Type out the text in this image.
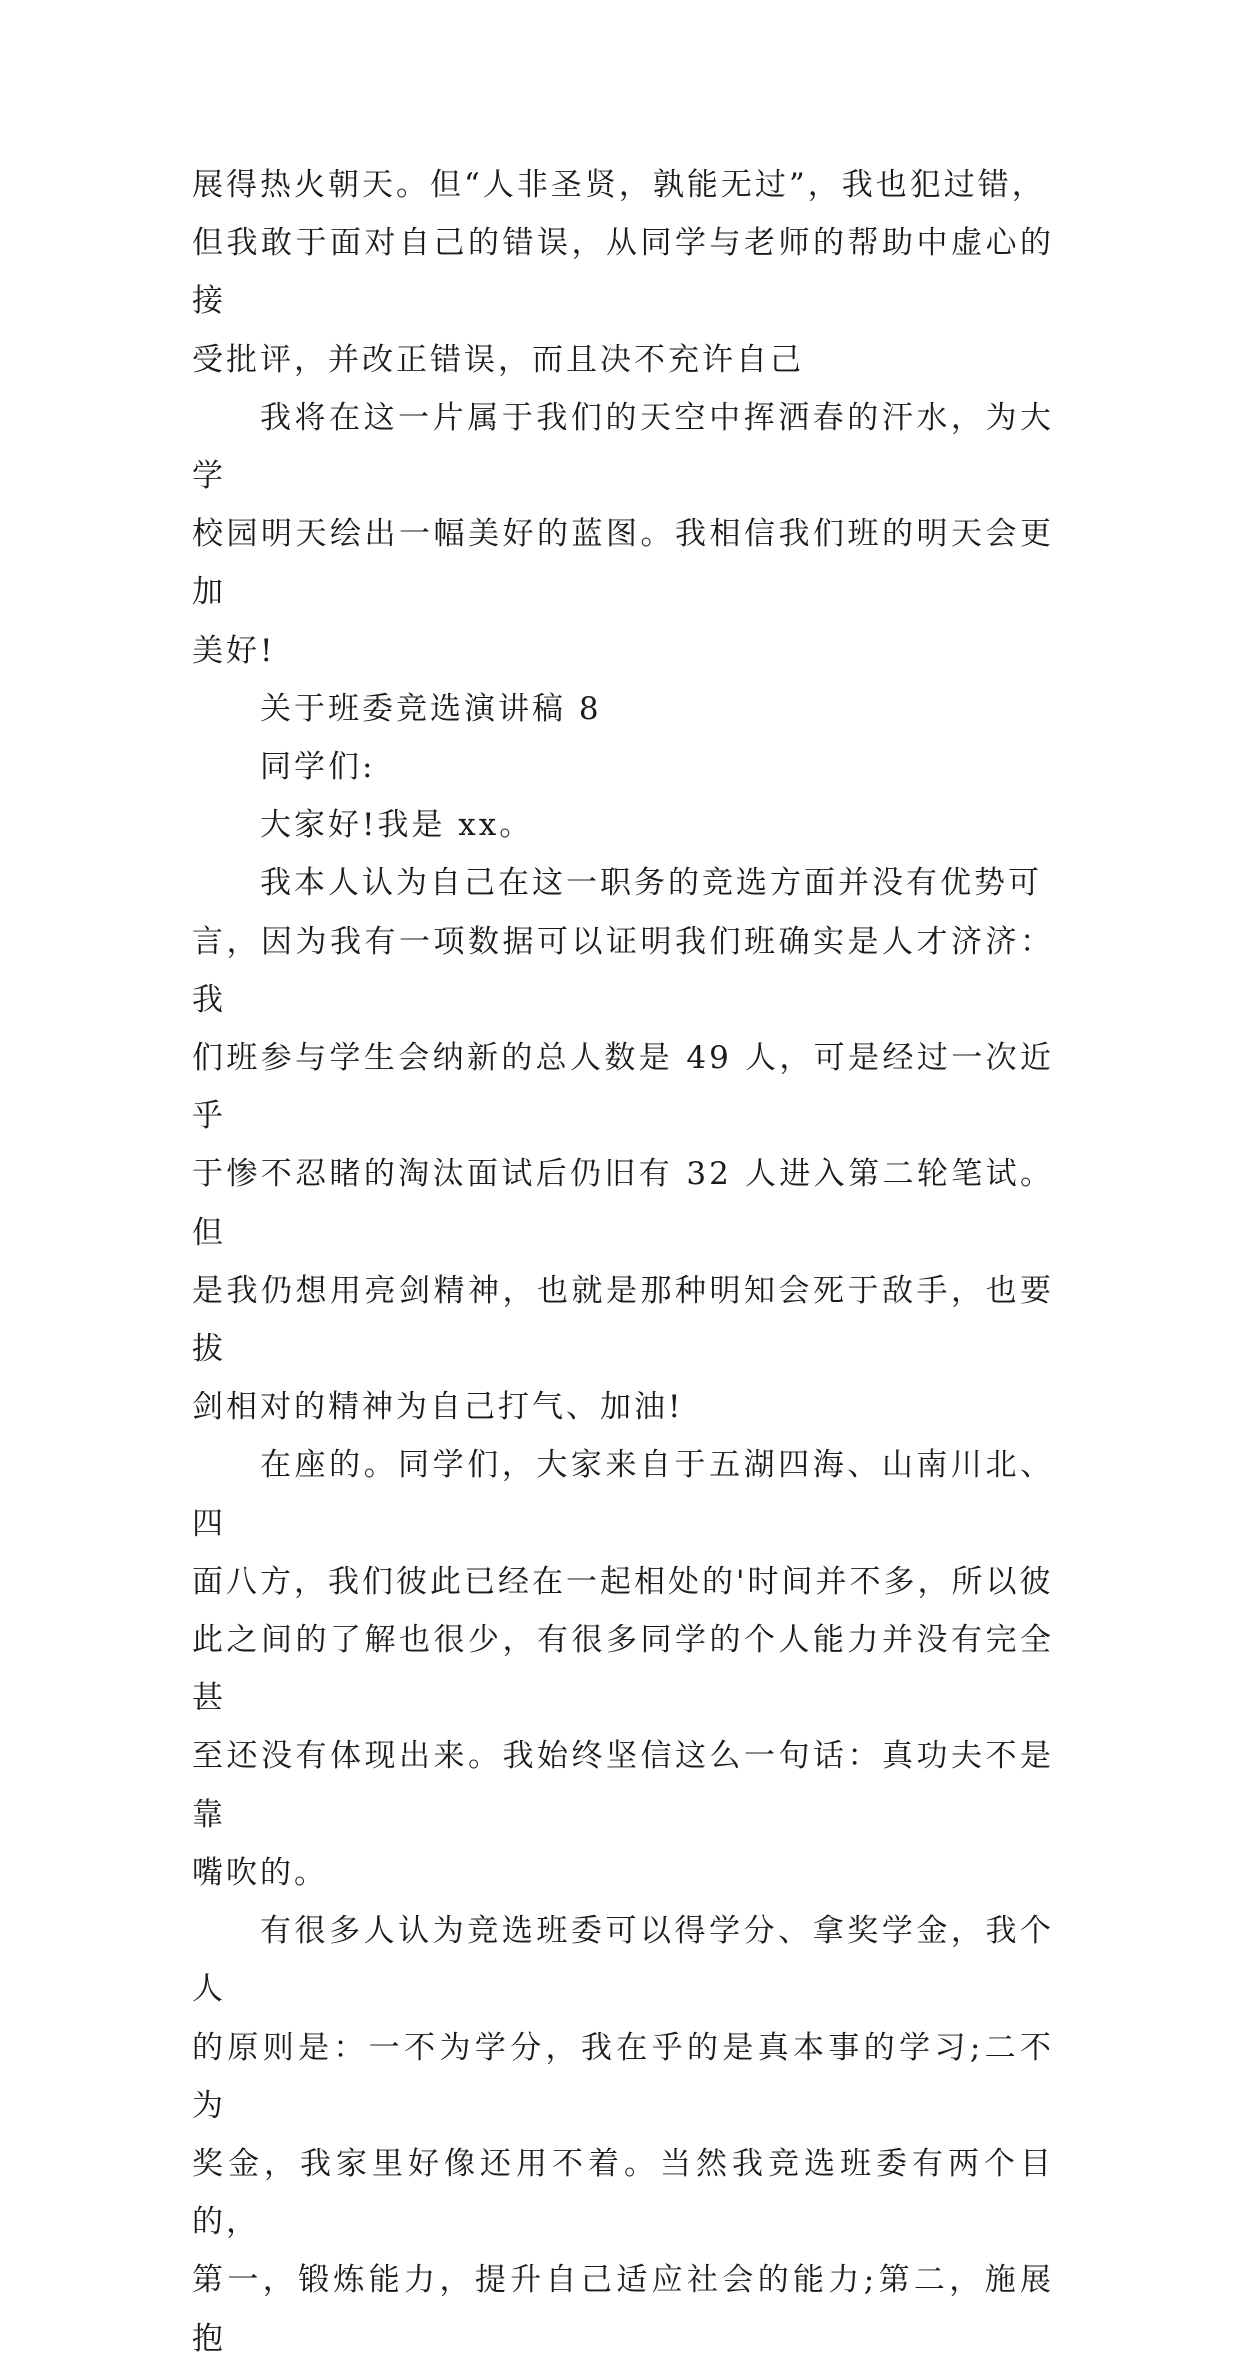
展得热火朝天。但“人非圣贤，孰能无过”，我也犯过错，
但我敢于面对自己的错误，从同学与老师的帮助中虚心的接
受批评，并改正错误，而且决不充许自己

我将在这一片属于我们的天空中挥洒春的汗水，为大学
校园明天绘出一幅美好的蓝图。我相信我们班的明天会更加
美好!

关于班委竞选演讲稿 8

同学们:

大家好!我是 xx。

我本人认为自己在这一职务的竞选方面并没有优势可
言，因为我有一项数据可以证明我们班确实是人才济济：我
们班参与学生会纳新的总人数是 49 人，可是经过一次近乎
于惨不忍睹的淘汰面试后仍旧有 32 人进入第二轮笔试。但
是我仍想用亮剑精神，也就是那种明知会死于敌手，也要拔
剑相对的精神为自己打气、加油!

在座的。同学们，大家来自于五湖四海、山南川北、四
面八方，我们彼此已经在一起相处的'时间并不多，所以彼
此之间的了解也很少，有很多同学的个人能力并没有完全甚
至还没有体现出来。我始终坚信这么一句话：真功夫不是靠
嘴吹的。

有很多人认为竞选班委可以得学分、拿奖学金，我个人
的原则是：一不为学分，我在乎的是真本事的学习;二不为
奖金，我家里好像还用不着。当然我竞选班委有两个目的，
第一，锻炼能力，提升自己适应社会的能力;第二，施展抱
